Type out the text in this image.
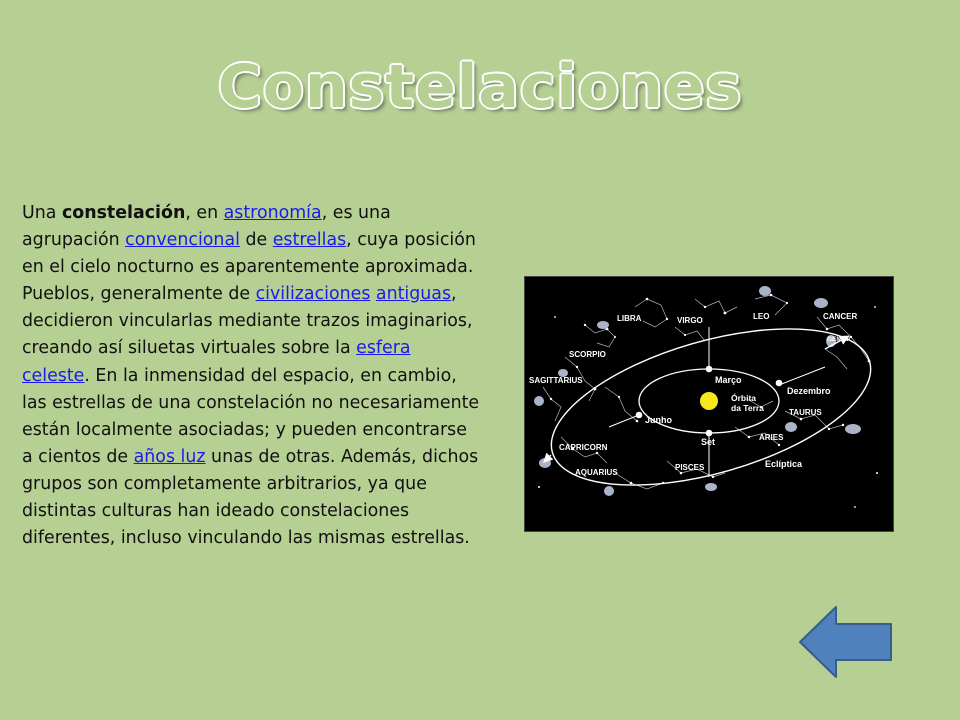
Constelaciones
Una constelación, en astronomía, es una agrupación convencional de estrellas, cuya posición en el cielo nocturno es aparentemente aproximada. Pueblos, generalmente de civilizaciones antiguas, decidieron vincularlas mediante trazos imaginarios, creando así siluetas virtuales sobre la esfera celeste. En la inmensidad del espacio, en cambio, las estrellas de una constelación no necesariamente están localmente asociadas; y pueden encontrarse a cientos de años luz unas de otras. Además, dichos grupos son completamente arbitrarios, ya que distintas culturas han ideado constelaciones diferentes, incluso vinculando las mismas estrellas.
LIBRA	VIRGO	LEO	CANCER
GEMINI
SCORPIO
SAGITTARIUS
TAURUS
ARIES
CAPRICORN
AQUARIUS
PISCES
Março
Dezembro
Junho
Set
Órbita
da Terra
Eclíptica
